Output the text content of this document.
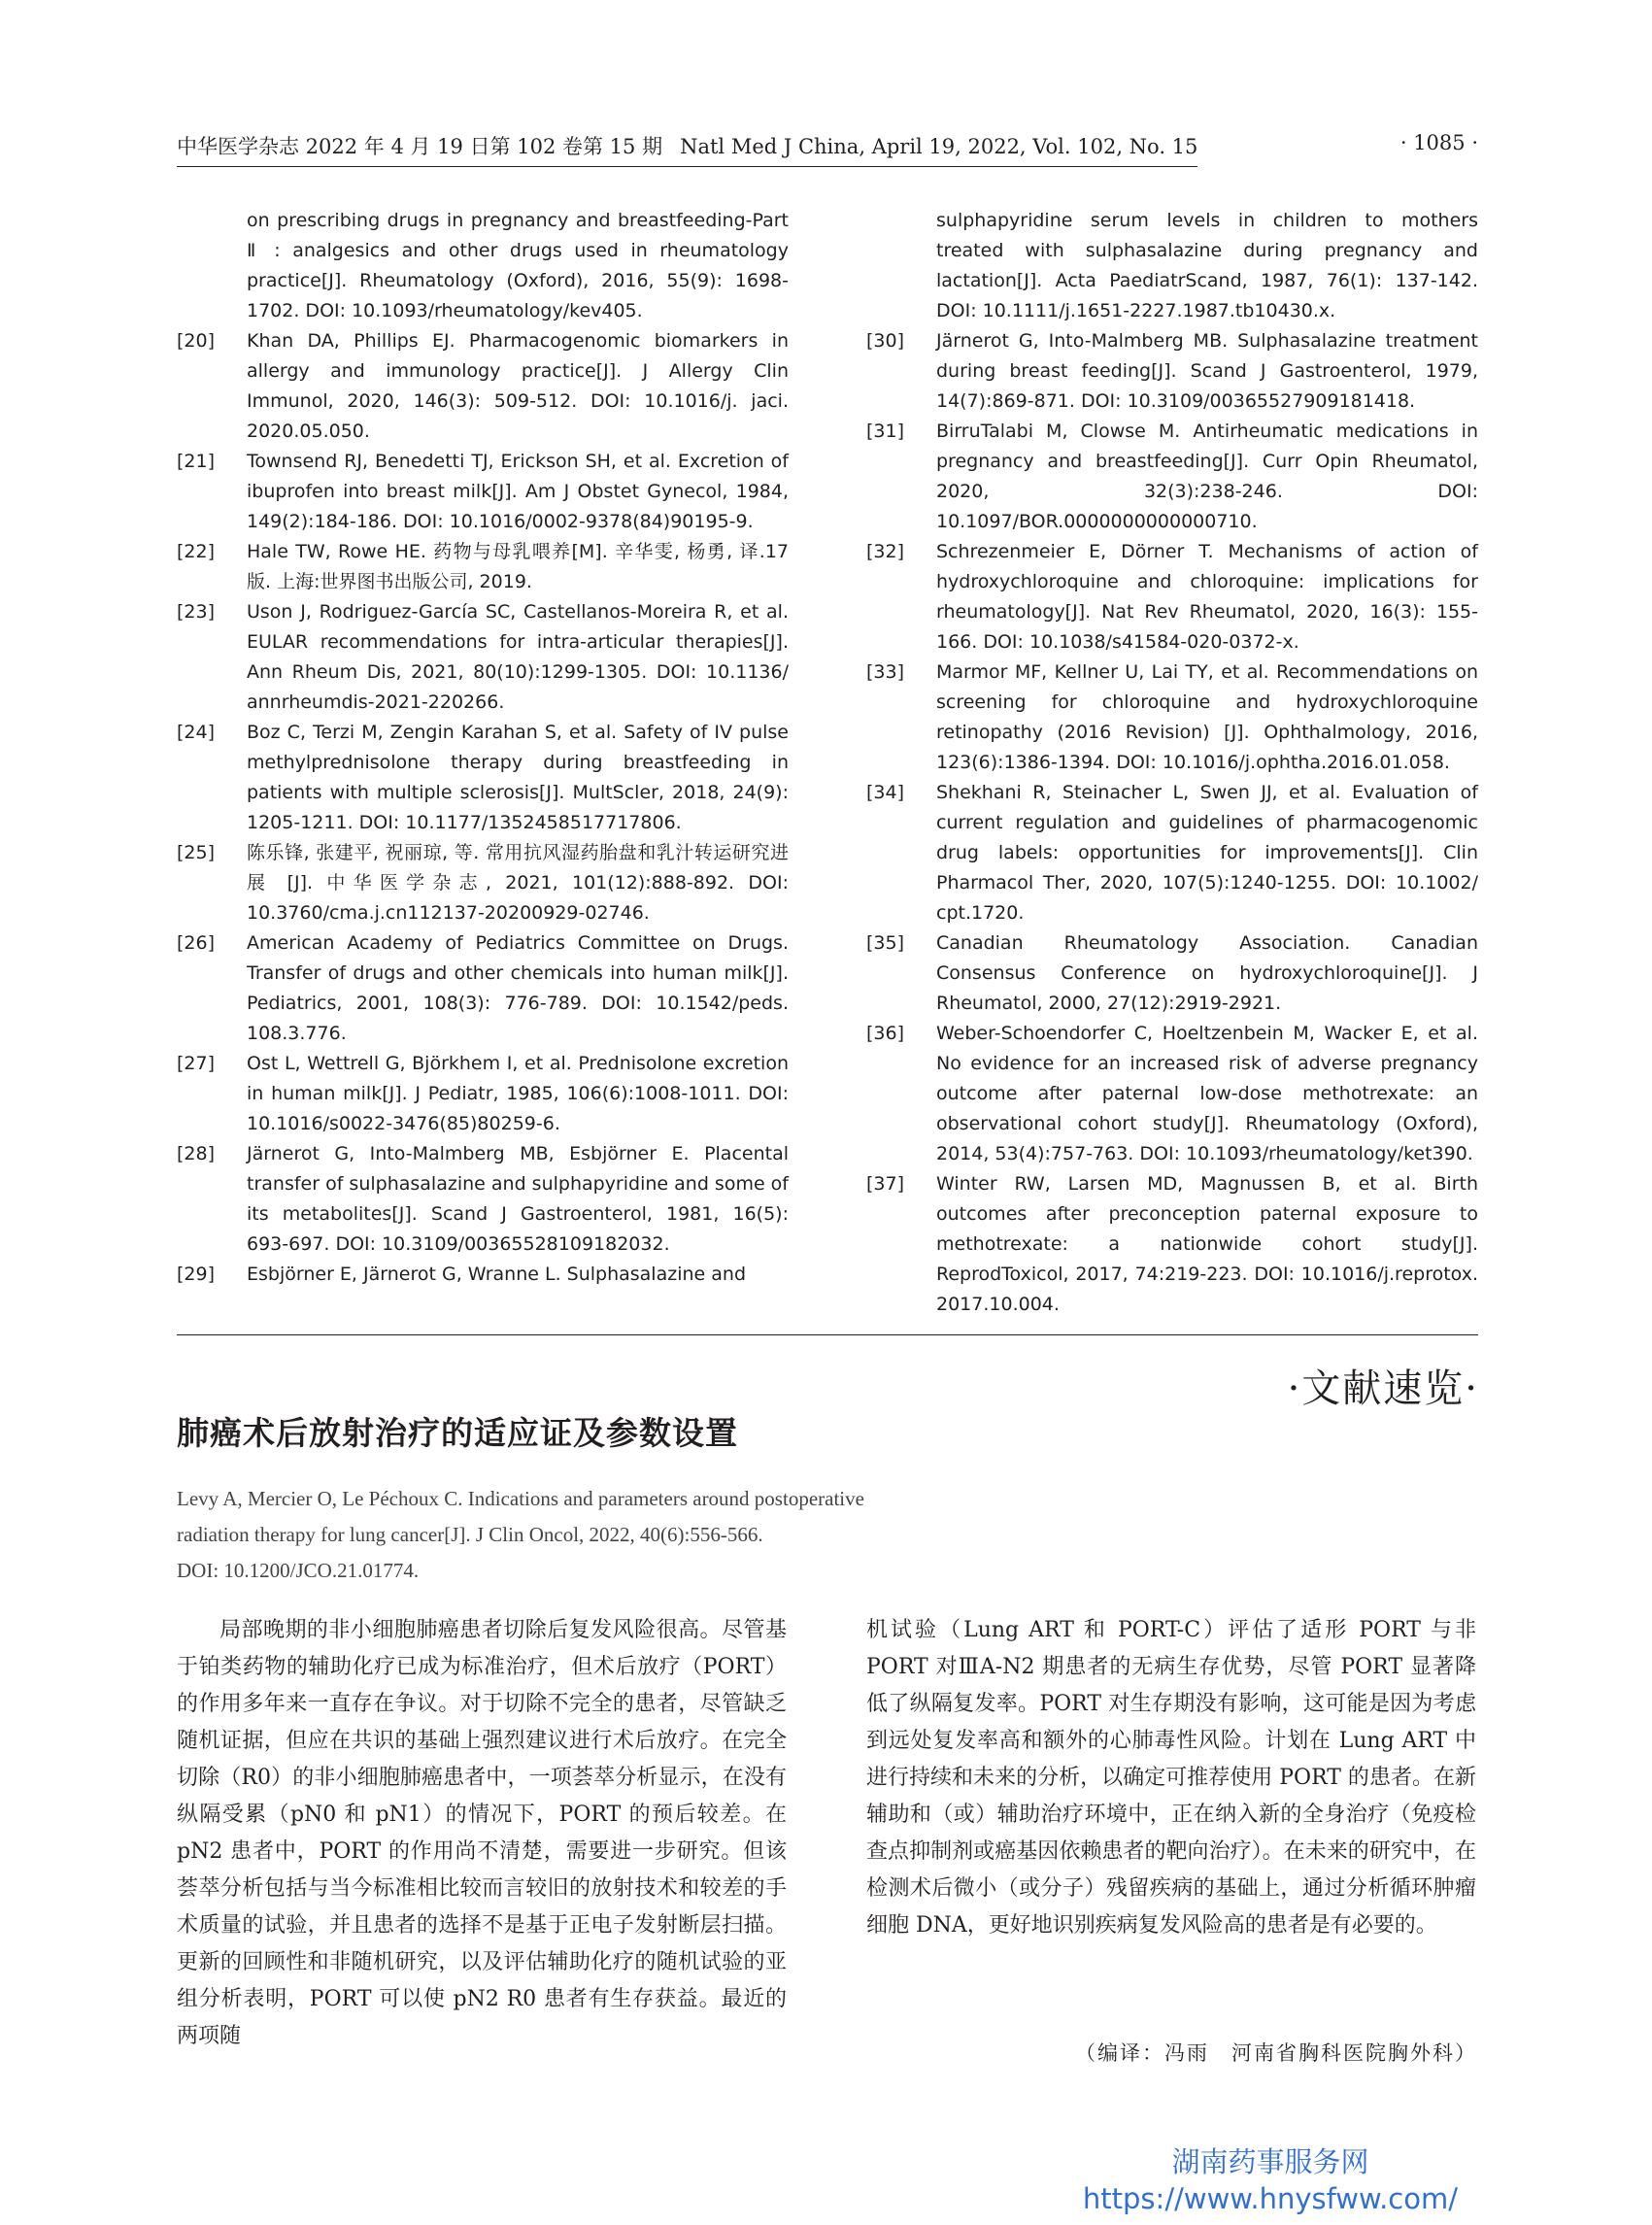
中华医学杂志 2022 年 4 月 19 日第 102 卷第 15 期 Natl Med J China, April 19, 2022, Vol. 102, No. 15	· 1085 ·
on prescribing drugs in pregnancy and breastfeeding-Part Ⅱ : analgesics and other drugs used in rheumatology practice[J]. Rheumatology (Oxford), 2016, 55(9): 1698-1702. DOI: 10.1093/rheumatology/kev405.
[20]	Khan DA, Phillips EJ. Pharmacogenomic biomarkers in allergy and immunology practice[J]. J Allergy Clin Immunol, 2020, 146(3): 509-512. DOI: 10.1016/j. jaci. 2020.05.050.
[21]	Townsend RJ, Benedetti TJ, Erickson SH, et al. Excretion of ibuprofen into breast milk[J]. Am J Obstet Gynecol, 1984, 149(2):184-186. DOI: 10.1016/0002-9378(84)90195-9.
[22]	Hale TW, Rowe HE. 药物与母乳喂养[M]. 辛华雯, 杨勇, 译.17 版. 上海:世界图书出版公司, 2019.
[23]	Uson J, Rodriguez-García SC, Castellanos-Moreira R, et al. EULAR recommendations for intra-articular therapies[J]. Ann Rheum Dis, 2021, 80(10):1299-1305. DOI: 10.1136/ annrheumdis-2021-220266.
[24]	Boz C, Terzi M, Zengin Karahan S, et al. Safety of IV pulse methylprednisolone therapy during breastfeeding in patients with multiple sclerosis[J]. MultScler, 2018, 24(9): 1205-1211. DOI: 10.1177/1352458517717806.
[25]	陈乐锋, 张建平, 祝丽琼, 等. 常用抗风湿药胎盘和乳汁转运研究进展 [J]. 中华医学杂志, 2021, 101(12):888-892. DOI: 10.3760/cma.j.cn112137-20200929-02746.
[26]	American Academy of Pediatrics Committee on Drugs. Transfer of drugs and other chemicals into human milk[J]. Pediatrics, 2001, 108(3): 776-789. DOI: 10.1542/peds. 108.3.776.
[27]	Ost L, Wettrell G, Björkhem I, et al. Prednisolone excretion in human milk[J]. J Pediatr, 1985, 106(6):1008-1011. DOI: 10.1016/s0022-3476(85)80259-6.
[28]	Järnerot G, Into-Malmberg MB, Esbjörner E. Placental transfer of sulphasalazine and sulphapyridine and some of its metabolites[J]. Scand J Gastroenterol, 1981, 16(5): 693-697. DOI: 10.3109/00365528109182032.
[29]	Esbjörner E, Järnerot G, Wranne L. Sulphasalazine and
sulphapyridine serum levels in children to mothers treated with sulphasalazine during pregnancy and lactation[J]. Acta PaediatrScand, 1987, 76(1): 137-142. DOI: 10.1111/j.1651-2227.1987.tb10430.x.
[30]	Järnerot G, Into-Malmberg MB. Sulphasalazine treatment during breast feeding[J]. Scand J Gastroenterol, 1979, 14(7):869-871. DOI: 10.3109/00365527909181418.
[31]	BirruTalabi M, Clowse M. Antirheumatic medications in pregnancy and breastfeeding[J]. Curr Opin Rheumatol, 2020, 32(3):238-246. DOI: 10.1097/BOR.0000000000000710.
[32]	Schrezenmeier E, Dörner T. Mechanisms of action of hydroxychloroquine and chloroquine: implications for rheumatology[J]. Nat Rev Rheumatol, 2020, 16(3): 155-166. DOI: 10.1038/s41584-020-0372-x.
[33]	Marmor MF, Kellner U, Lai TY, et al. Recommendations on screening for chloroquine and hydroxychloroquine retinopathy (2016 Revision) [J]. Ophthalmology, 2016, 123(6):1386-1394. DOI: 10.1016/j.ophtha.2016.01.058.
[34]	Shekhani R, Steinacher L, Swen JJ, et al. Evaluation of current regulation and guidelines of pharmacogenomic drug labels: opportunities for improvements[J]. Clin Pharmacol Ther, 2020, 107(5):1240-1255. DOI: 10.1002/ cpt.1720.
[35]	Canadian Rheumatology Association. Canadian Consensus Conference on hydroxychloroquine[J]. J Rheumatol, 2000, 27(12):2919-2921.
[36]	Weber-Schoendorfer C, Hoeltzenbein M, Wacker E, et al. No evidence for an increased risk of adverse pregnancy outcome after paternal low-dose methotrexate: an observational cohort study[J]. Rheumatology (Oxford), 2014, 53(4):757-763. DOI: 10.1093/rheumatology/ket390.
[37]	Winter RW, Larsen MD, Magnussen B, et al. Birth outcomes after preconception paternal exposure to methotrexate: a nationwide cohort study[J]. ReprodToxicol, 2017, 74:219-223. DOI: 10.1016/j.reprotox. 2017.10.004.
·文献速览·
肺癌术后放射治疗的适应证及参数设置
Levy A, Mercier O, Le Péchoux C. Indications and parameters around postoperative
radiation therapy for lung cancer[J]. J Clin Oncol, 2022, 40(6):556-566.
DOI: 10.1200/JCO.21.01774.
局部晚期的非小细胞肺癌患者切除后复发风险很高。尽管基于铂类药物的辅助化疗已成为标准治疗，但术后放疗（PORT）的作用多年来一直存在争议。对于切除不完全的患者，尽管缺乏随机证据，但应在共识的基础上强烈建议进行术后放疗。在完全切除（R0）的非小细胞肺癌患者中，一项荟萃分析显示，在没有纵隔受累（pN0 和 pN1）的情况下，PORT 的预后较差。在 pN2 患者中，PORT 的作用尚不清楚，需要进一步研究。但该荟萃分析包括与当今标准相比较而言较旧的放射技术和较差的手术质量的试验，并且患者的选择不是基于正电子发射断层扫描。更新的回顾性和非随机研究，以及评估辅助化疗的随机试验的亚组分析表明，PORT 可以使 pN2 R0 患者有生存获益。最近的两项随
机试验（Lung ART 和 PORT-C）评估了适形 PORT 与非 PORT 对ⅢA-N2 期患者的无病生存优势，尽管 PORT 显著降低了纵隔复发率。PORT 对生存期没有影响，这可能是因为考虑到远处复发率高和额外的心肺毒性风险。计划在 Lung ART 中进行持续和未来的分析，以确定可推荐使用 PORT 的患者。在新辅助和（或）辅助治疗环境中，正在纳入新的全身治疗（免疫检查点抑制剂或癌基因依赖患者的靶向治疗）。在未来的研究中，在检测术后微小（或分子）残留疾病的基础上，通过分析循环肿瘤细胞 DNA，更好地识别疾病复发风险高的患者是有必要的。
（编译：冯雨　河南省胸科医院胸外科）
湖南药事服务网
https://www.hnysfww.com/
